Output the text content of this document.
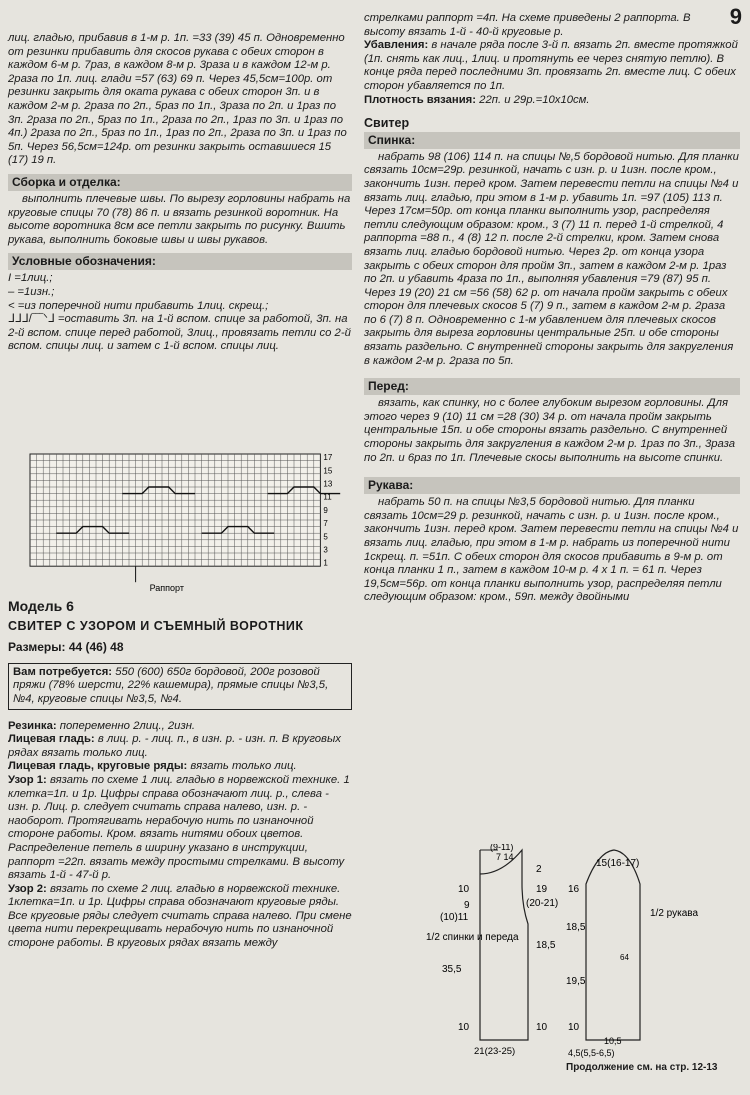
9

лиц. гладью, прибавив в 1-м р. 1п. =33 (39) 45 п. Одновременно от резинки прибавить для скосов рукава с обеих сторон в каждом 6-м р. 7раз, в каждом 8-м р. 3раза и в каждом 12-м р. 2раза по 1п. лиц. глади =57 (63) 69 п. Через 45,5см=100р. от резинки закрыть для оката рукава с обеих сторон 3п. и в каждом 2-м р. 2раза по 2п., 5раз по 1п., 3раза по 2п. и 1раз по 3п. 2раза по 2п., 5раз по 1п., 2раза по 2п., 1раз по 3п. и 1раз по 4п.) 2раза по 2п., 5раз по 1п., 1раз по 2п., 2раза по 3п. и 1раз по 5п. Через 56,5см=124р. от резинки закрыть оставшиеся 15 (17) 19 п.

Сборка и отделка:

выполнить плечевые швы. По вырезу горловины набрать на круговые спицы 70 (78) 86 п. и вязать резинкой воротник. На высоте воротника 8см все петли закрыть по рисунку. Вшить рукава, выполнить боковые швы и швы рукавов.

Условные обозначения:

I =1лиц.;

– =1изн.;

< =из поперечной нити прибавить 1лиц. скрещ.;

ᒧᒧᒧ/‾‾‾ᐠᒧ =оставить 3п. на 1-й вспом. спице за работой, 3п. на 2-й вспом. спице перед работой, 3лиц., провязать петли со 2-й вспом. спицы лиц. и затем с 1-й вспом. спицы лиц.

17
15
13
11
9
7
5
3
1
Раппорт

Модель 6

СВИТЕР С УЗОРОМ И СЪЕМНЫЙ ВОРОТНИК

Размеры: 44 (46) 48

Вам потребуется: 550 (600) 650г бордовой, 200г розовой пряжи (78% шерсти, 22% кашемира), прямые спицы №3,5, №4, круговые спицы №3,5, №4.

Резинка: попеременно 2лиц., 2изн.

Лицевая гладь: в лиц. р. - лиц. п., в изн. р. - изн. п. В круговых рядах вязать только лиц.

Лицевая гладь, круговые ряды: вязать только лиц.

Узор 1: вязать по схеме 1 лиц. гладью в норвежской технике. 1 клетка=1п. и 1р. Цифры справа обозначают лиц. р., слева - изн. р. Лиц. р. следует считать справа налево, изн. р. - наоборот. Протягивать нерабочую нить по изнаночной стороне работы. Кром. вязать нитями обоих цветов. Распределение петель в ширину указано в инструкции, раппорт =22п. вязать между простыми стрелками. В высоту вязать 1-й - 47-й р.

Узор 2: вязать по схеме 2 лиц. гладью в норвежской технике. 1клетка=1п. и 1р. Цифры справа обозначают круговые ряды. Все круговые ряды следует считать справа налево. При смене цвета нити перекрещивать нерабочую нить по изнаночной стороне работы. В круговых рядах вязать между

стрелками раппорт =4п. На схеме приведены 2 раппорта. В высоту вязать 1-й - 40-й круговые р.

Убавления: в начале ряда после 3-й п. вязать 2п. вместе протяжкой (1п. снять как лиц., 1лиц. и протянуть ее через снятую петлю). В конце ряда перед последними 3п. провязать 2п. вместе лиц. С обеих сторон убавляется по 1п.

Плотность вязания: 22п. и 29р.=10х10см.

Свитер

Спинка:

набрать 98 (106) 114 п. на спицы №,5 бордовой нитью. Для планки связать 10см=29р. резинкой, начать с изн. р. и 1изн. после кром., закончить 1изн. перед кром. Затем перевести петли на спицы №4 и вязать лиц. гладью, при этом в 1-м р. убавить 1п. =97 (105) 113 п. Через 17см=50р. от конца планки выполнить узор, распределяя петли следующим образом: кром., 3 (7) 11 п. перед 1-й стрелкой, 4 раппорта =88 п., 4 (8) 12 п. после 2-й стрелки, кром. Затем снова вязать лиц. гладью бордовой нитью. Через 2р. от конца узора закрыть с обеих сторон для пройм 3п., затем в каждом 2-м р. 1раз по 2п. и убавить 4раза по 1п., выполняя убавления =79 (87) 95 п. Через 19 (20) 21 см =56 (58) 62 р. от начала пройм закрыть с обеих сторон для плечевых скосов 5 (7) 9 п., затем в каждом 2-м р. 2раза по 6 (7) 8 п. Одновременно с 1-м убавлением для плечевых скосов закрыть для выреза горловины центральные 25п. и обе стороны вязать раздельно. С внутренней стороны закрыть для закругления в каждом 2-м р. 2раза по 5п.

Перед:

вязать, как спинку, но с более глубоким вырезом горловины. Для этого через 9 (10) 11 см =28 (30) 34 р. от начала пройм закрыть центральные 15п. и обе стороны вязать раздельно. С внутренней стороны закрыть для закругления в каждом 2-м р. 1раз по 3п., 3раза по 2п. и 6раз по 1п. Плечевые скосы выполнить на высоте спинки.

Рукава:

набрать 50 п. на спицы №3,5 бордовой нитью. Для планки связать 10см=29 р. резинкой, начать с изн. р. и 1изн. после кром., закончить 1изн. перед кром. Затем перевести петли на спицы №4 и вязать лиц. гладью, при этом в 1-м р. набрать из поперечной нити 1скрещ. п. =51п. С обеих сторон для скосов прибавить в 9-м р. от конца планки 1 п., затем в каждом 10-м р. 4 х 1 п. = 61 п. Через 19,5см=56р. от конца планки выполнить узор, распределяя петли следующим образом: кром., 59п. между двойными

10
9
(10)11
(9-11)
7 14
2
19
(20-21)
18,5
35,5
10	10
21(23-25)
1/2 спинки и переда
15(16-17)
16
18,5
19,5
64
10
10,5
4,5(5,5-6,5)
1/2 рукава
Продолжение см. на стр. 12-13
